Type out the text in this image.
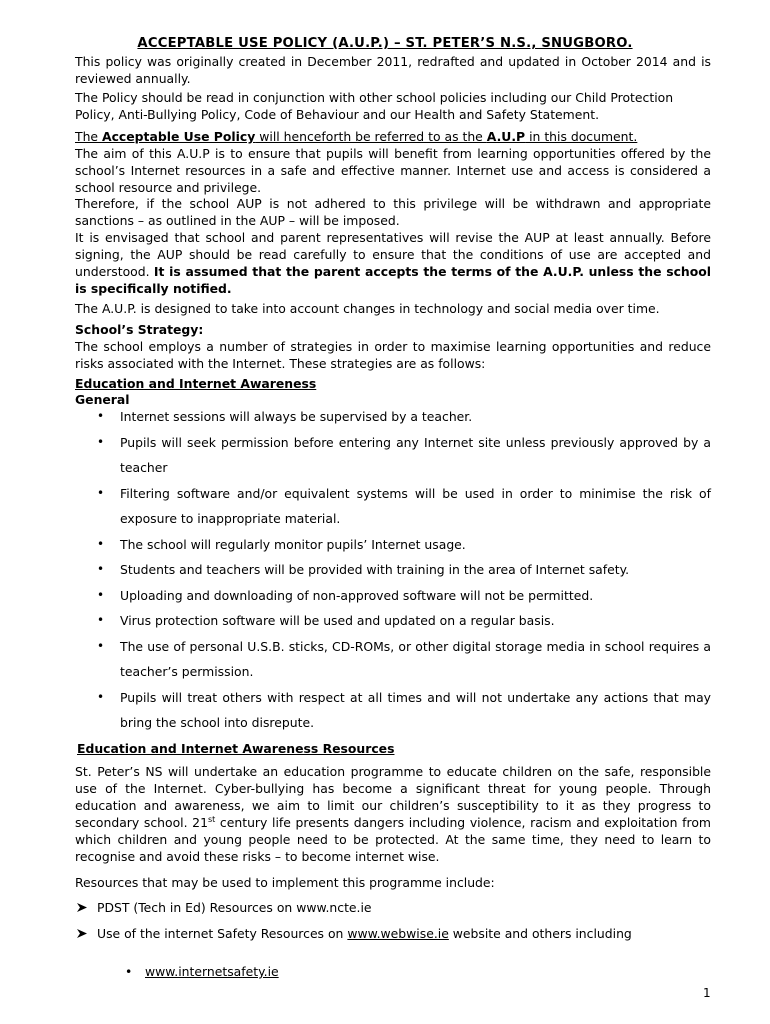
ACCEPTABLE USE POLICY (A.U.P.) – ST. PETER’S N.S., SNUGBORO.

This policy was originally created in December 2011, redrafted and updated in October 2014 and is reviewed annually.

The Policy should be read in conjunction with other school policies including our Child Protection Policy, Anti-Bullying Policy, Code of Behaviour and our Health and Safety Statement.

The Acceptable Use Policy will henceforth be referred to as the A.U.P in this document.

The aim of this A.U.P is to ensure that pupils will benefit from learning opportunities offered by the school’s Internet resources in a safe and effective manner. Internet use and access is considered a school resource and privilege.

Therefore, if the school AUP is not adhered to this privilege will be withdrawn and appropriate sanctions – as outlined in the AUP – will be imposed.

It is envisaged that school and parent representatives will revise the AUP at least annually. Before signing, the AUP should be read carefully to ensure that the conditions of use are accepted and understood. It is assumed that the parent accepts the terms of the A.U.P. unless the school is specifically notified.

The A.U.P. is designed to take into account changes in technology and social media over time.

School’s Strategy:

The school employs a number of strategies in order to maximise learning opportunities and reduce risks associated with the Internet. These strategies are as follows:

Education and Internet Awareness

General

• Internet sessions will always be supervised by a teacher.
• Pupils will seek permission before entering any Internet site unless previously approved by a teacher
• Filtering software and/or equivalent systems will be used in order to minimise the risk of exposure to inappropriate material.
• The school will regularly monitor pupils’ Internet usage.
• Students and teachers will be provided with training in the area of Internet safety.
• Uploading and downloading of non-approved software will not be permitted.
• Virus protection software will be used and updated on a regular basis.
• The use of personal U.S.B. sticks, CD-ROMs, or other digital storage media in school requires a teacher’s permission.
• Pupils will treat others with respect at all times and will not undertake any actions that may bring the school into disrepute.

Education and Internet Awareness Resources

St. Peter’s NS will undertake an education programme to educate children on the safe, responsible use of the Internet. Cyber-bullying has become a significant threat for young people. Through education and awareness, we aim to limit our children’s susceptibility to it as they progress to secondary school. 21st century life presents dangers including violence, racism and exploitation from which children and young people need to be protected. At the same time, they need to learn to recognise and avoid these risks – to become internet wise.

Resources that may be used to implement this programme include:

PDST (Tech in Ed) Resources on www.ncte.ie
Use of the internet Safety Resources on www.webwise.ie website and others including
• www.internetsafety.ie
1
